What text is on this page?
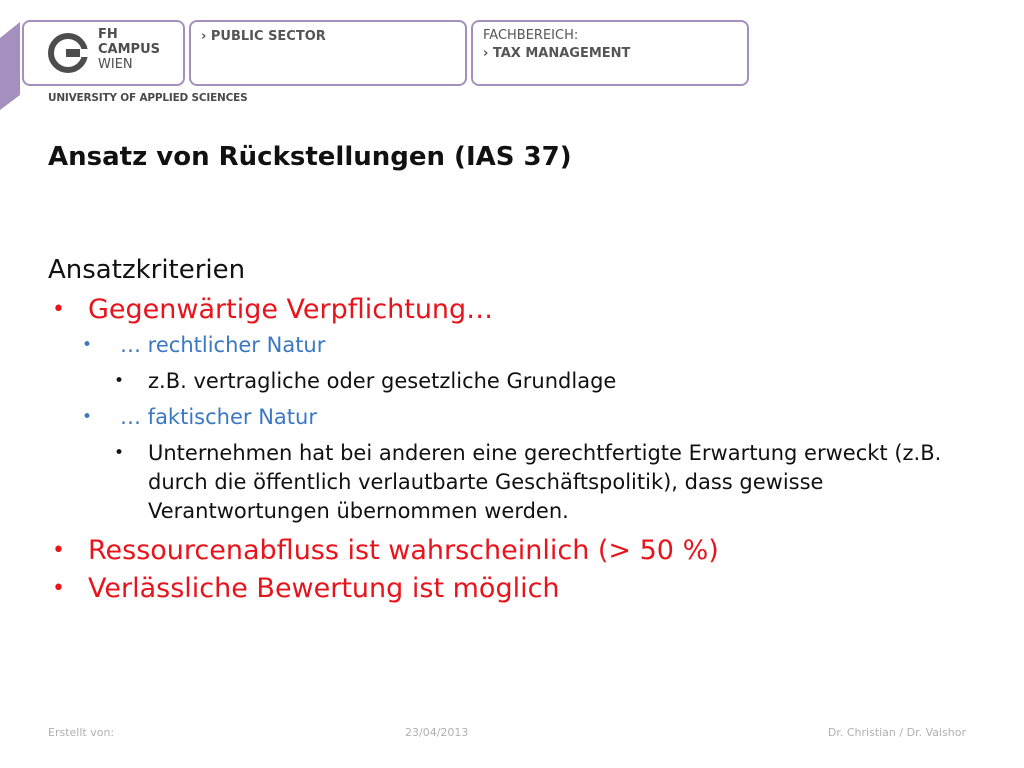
FH
CAMPUS
WIEN
› PUBLIC SECTOR	FACHBEREICH:
› TAX MANAGEMENT
UNIVERSITY OF APPLIED SCIENCES
Ansatz von Rückstellungen (IAS 37)
Ansatzkriterien
• Gegenwärtige Verpflichtung…
• … rechtlicher Natur
• z.B. vertragliche oder gesetzliche Grundlage
• … faktischer Natur
• Unternehmen hat bei anderen eine gerechtfertigte Erwartung erweckt (z.B. durch die öffentlich verlautbarte Geschäftspolitik), dass gewisse Verantwortungen übernommen werden.
• Ressourcenabfluss ist wahrscheinlich (> 50 %)
• Verlässliche Bewertung ist möglich
Erstellt von:	23/04/2013	Dr. Christian / Dr. Vaishor
